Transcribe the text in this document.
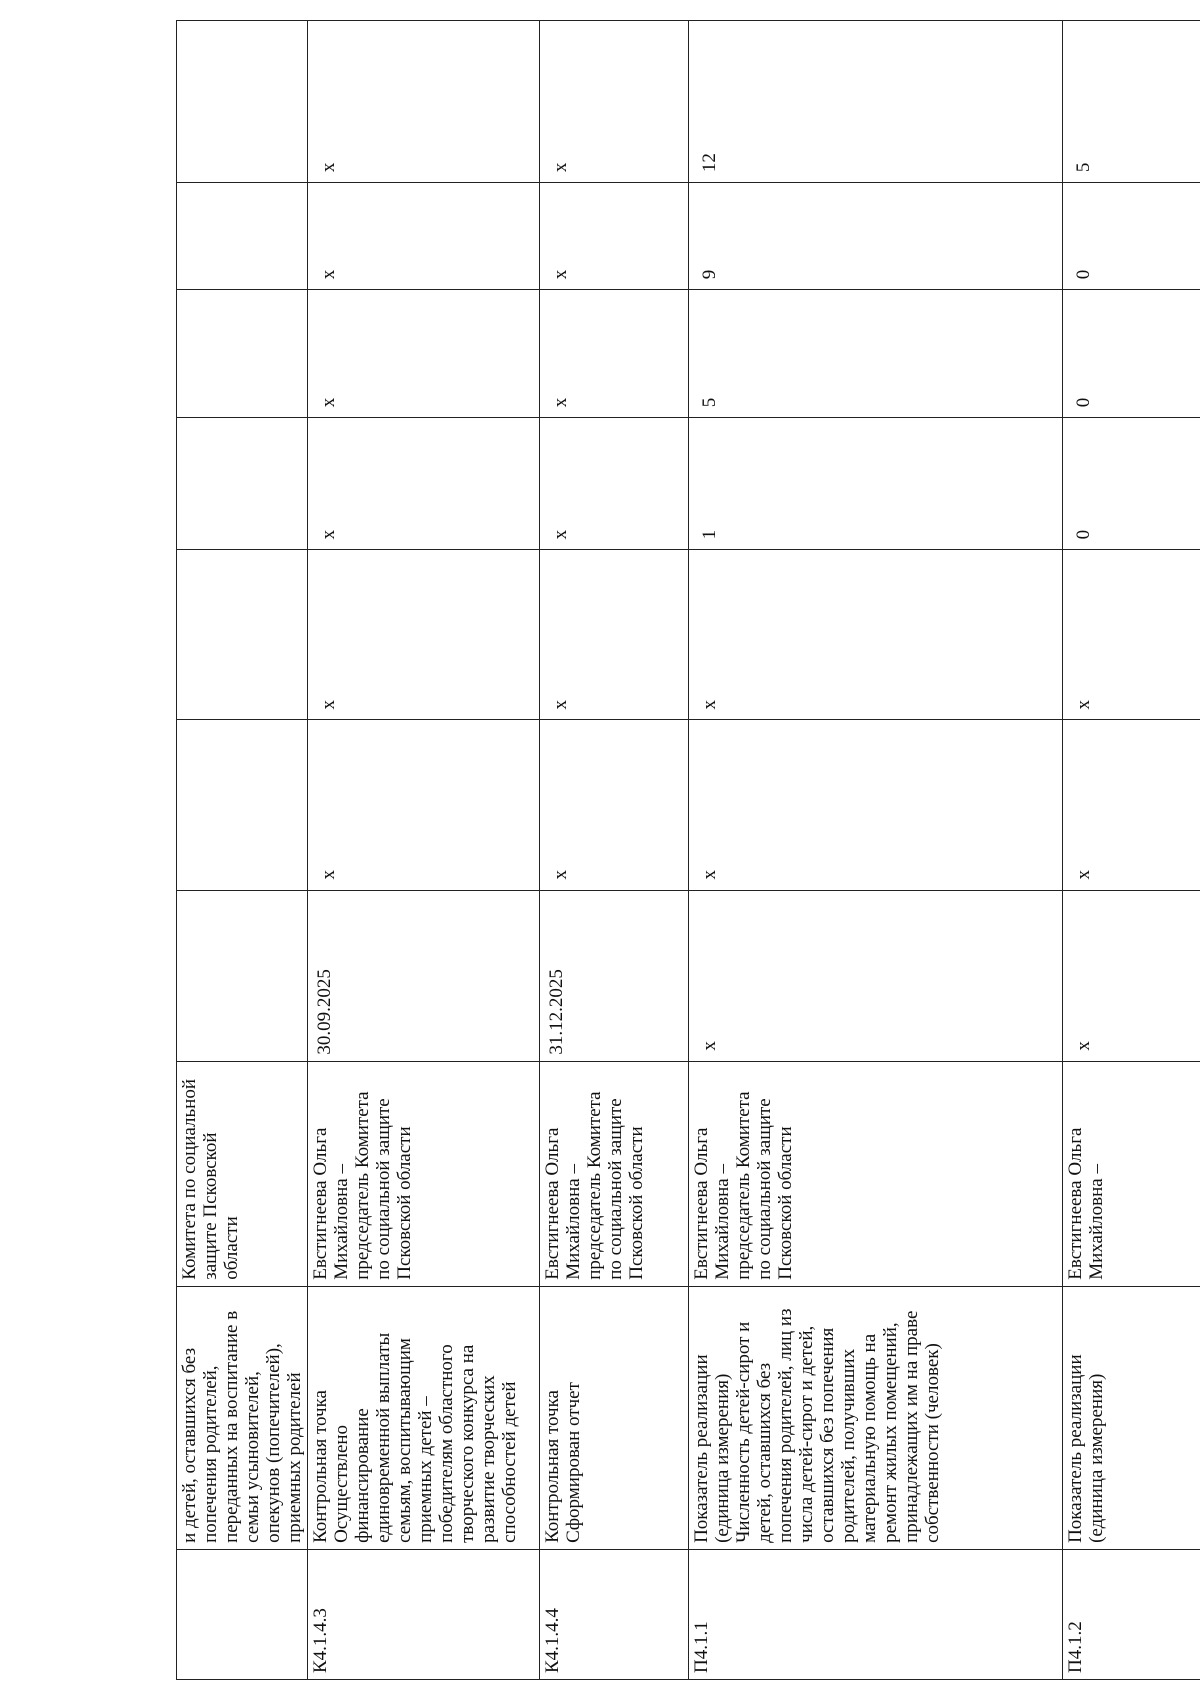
	и детей, оставшихся без попечения родителей, переданных на воспитание в семьи усыновителей, опекунов (попечителей), приемных родителей	Комитета по социальной защите Псковской области							
К4.1.4.3	Контрольная точка Осуществлено финансирование единовременной выплаты семьям, воспитывающим приемных детей – победителям областного творческого конкурса на развитие творческих способностей детей	Евстигнеева Ольга Михайловна – председатель Комитета по социальной защите Псковской области	30.09.2025	x	x	x	x	x	x
К4.1.4.4	Контрольная точка Сформирован отчет	Евстигнеева Ольга Михайловна – председатель Комитета по социальной защите Псковской области	31.12.2025	x	x	x	x	x	x
П4.1.1	Показатель реализации (единица измерения) Численность детей-сирот и детей, оставшихся без попечения родителей, лиц из числа детей-сирот и детей, оставшихся без попечения родителей, получивших материальную помощь на ремонт жилых помещений, принадлежащих им на праве собственности (человек)	Евстигнеева Ольга Михайловна – председатель Комитета по социальной защите Псковской области	x	x	x	1	5	9	12
П4.1.2	Показатель реализации (единица измерения)	Евстигнеева Ольга Михайловна –	x	x	x	0	0	0	5
